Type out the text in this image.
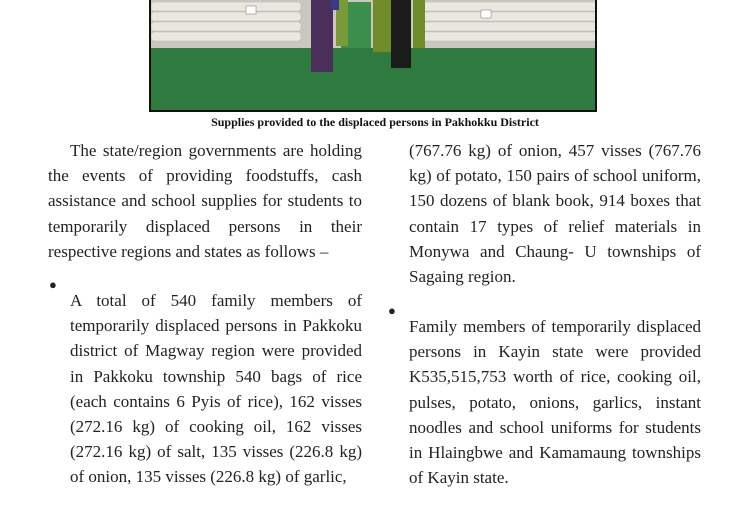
Supplies provided to the displaced persons in Pakhokku District

The state/region governments are holding the events of providing foodstuffs, cash assistance and school supplies for students to temporarily displaced persons in their respective regions and states as follows –

●

A total of 540 family members of temporarily displaced persons in Pakkoku district of Magway region were provided in Pakkoku township 540 bags of rice (each contains 6 Pyis of rice), 162 visses (272.16 kg) of cooking oil, 162 visses (272.16 kg) of salt, 135 visses (226.8 kg) of onion, 135 visses (226.8 kg) of garlic,

(767.76 kg) of onion, 457 visses (767.76 kg) of potato, 150 pairs of school uniform, 150 dozens of blank book, 914 boxes that contain 17 types of relief materials in Monywa and Chaung- U townships of Sagaing region.

●

Family members of temporarily displaced persons in Kayin state were provided K535,515,753 worth of rice, cooking oil, pulses, potato, onions, garlics, instant noodles and school uniforms for students in Hlaingbwe and Kamamaung townships of Kayin state.
